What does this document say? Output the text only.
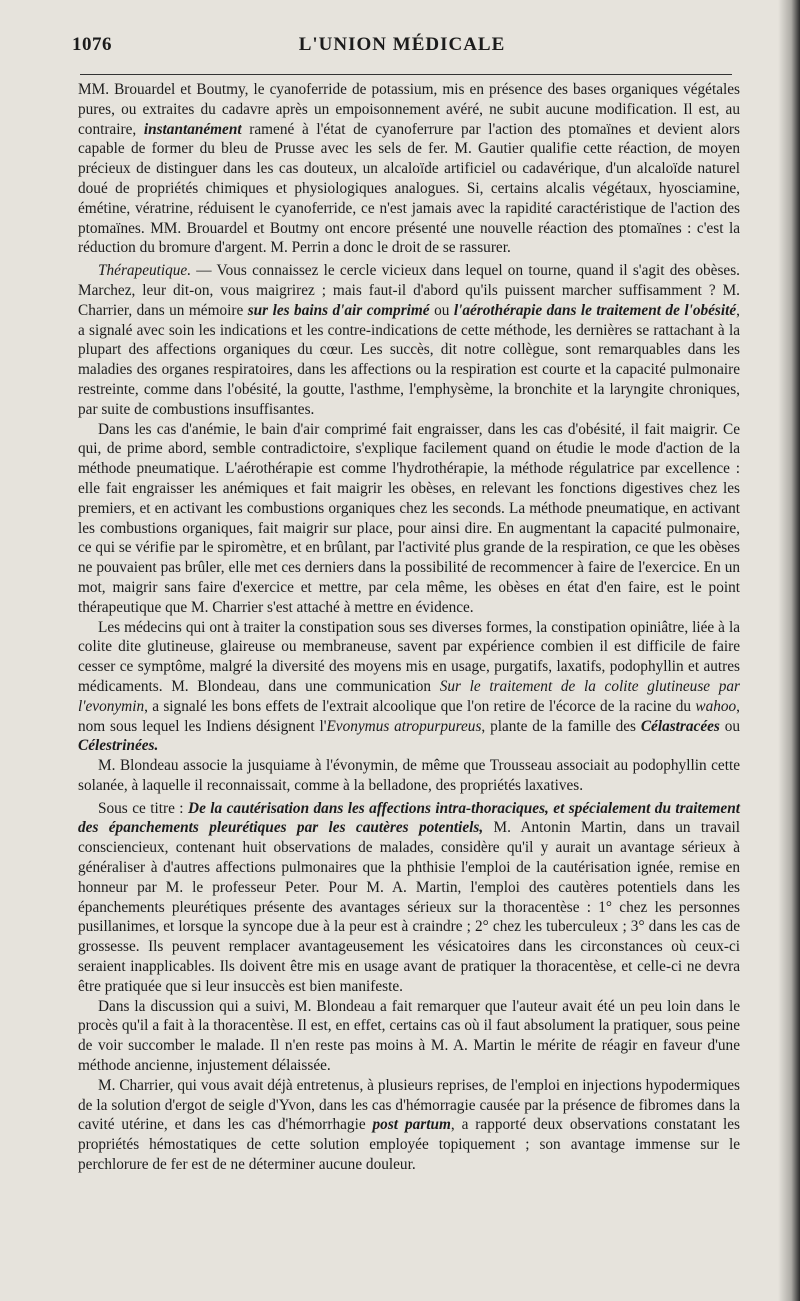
1076	L'UNION MÉDICALE

MM. Brouardel et Boutmy, le cyanoferride de potassium, mis en présence des bases organiques végétales pures, ou extraites du cadavre après un empoisonnement avéré, ne subit aucune modification. Il est, au contraire, instantanément ramené à l'état de cyanoferrure par l'action des ptomaïnes et devient alors capable de former du bleu de Prusse avec les sels de fer. M. Gautier qualifie cette réaction, de moyen précieux de distinguer dans les cas douteux, un alcaloïde artificiel ou cadavérique, d'un alcaloïde naturel doué de propriétés chimiques et physiologiques analogues. Si, certains alcalis végétaux, hyosciamine, émétine, vératrine, réduisent le cyanoferride, ce n'est jamais avec la rapidité caractéristique de l'action des ptomaïnes. MM. Brouardel et Boutmy ont encore présenté une nouvelle réaction des ptomaïnes : c'est la réduction du bromure d'argent. M. Perrin a donc le droit de se rassurer.

Thérapeutique. — Vous connaissez le cercle vicieux dans lequel on tourne, quand il s'agit des obèses. Marchez, leur dit-on, vous maigrirez ; mais faut-il d'abord qu'ils puissent marcher suffisamment ? M. Charrier, dans un mémoire sur les bains d'air comprimé ou l'aérothérapie dans le traitement de l'obésité, a signalé avec soin les indications et les contre-indications de cette méthode, les dernières se rattachant à la plupart des affections organiques du cœur. Les succès, dit notre collègue, sont remarquables dans les maladies des organes respiratoires, dans les affections ou la respiration est courte et la capacité pulmonaire restreinte, comme dans l'obésité, la goutte, l'asthme, l'emphysème, la bronchite et la laryngite chroniques, par suite de combustions insuffisantes.

Dans les cas d'anémie, le bain d'air comprimé fait engraisser, dans les cas d'obésité, il fait maigrir. Ce qui, de prime abord, semble contradictoire, s'explique facilement quand on étudie le mode d'action de la méthode pneumatique. L'aérothérapie est comme l'hydrothérapie, la méthode régulatrice par excellence : elle fait engraisser les anémiques et fait maigrir les obèses, en relevant les fonctions digestives chez les premiers, et en activant les combustions organiques chez les seconds. La méthode pneumatique, en activant les combustions organiques, fait maigrir sur place, pour ainsi dire. En augmentant la capacité pulmonaire, ce qui se vérifie par le spiromètre, et en brûlant, par l'activité plus grande de la respiration, ce que les obèses ne pouvaient pas brûler, elle met ces derniers dans la possibilité de recommencer à faire de l'exercice. En un mot, maigrir sans faire d'exercice et mettre, par cela même, les obèses en état d'en faire, est le point thérapeutique que M. Charrier s'est attaché à mettre en évidence.

Les médecins qui ont à traiter la constipation sous ses diverses formes, la constipation opiniâtre, liée à la colite dite glutineuse, glaireuse ou membraneuse, savent par expérience combien il est difficile de faire cesser ce symptôme, malgré la diversité des moyens mis en usage, purgatifs, laxatifs, podophyllin et autres médicaments. M. Blondeau, dans une communication Sur le traitement de la colite glutineuse par l'evonymin, a signalé les bons effets de l'extrait alcoolique que l'on retire de l'écorce de la racine du wahoo, nom sous lequel les Indiens désignent l'Evonymus atropurpureus, plante de la famille des Célastracées ou Célestrinées.

M. Blondeau associe la jusquiame à l'évonymin, de même que Trousseau associait au podophyllin cette solanée, à laquelle il reconnaissait, comme à la belladone, des propriétés laxatives.

Sous ce titre : De la cautérisation dans les affections intra-thoraciques, et spécialement du traitement des épanchements pleurétiques par les cautères potentiels, M. Antonin Martin, dans un travail consciencieux, contenant huit observations de malades, considère qu'il y aurait un avantage sérieux à généraliser à d'autres affections pulmonaires que la phthisie l'emploi de la cautérisation ignée, remise en honneur par M. le professeur Peter. Pour M. A. Martin, l'emploi des cautères potentiels dans les épanchements pleurétiques présente des avantages sérieux sur la thoracentèse : 1° chez les personnes pusillanimes, et lorsque la syncope due à la peur est à craindre ; 2° chez les tuberculeux ; 3° dans les cas de grossesse. Ils peuvent remplacer avantageusement les vésicatoires dans les circonstances où ceux-ci seraient inapplicables. Ils doivent être mis en usage avant de pratiquer la thoracentèse, et celle-ci ne devra être pratiquée que si leur insuccès est bien manifeste.

Dans la discussion qui a suivi, M. Blondeau a fait remarquer que l'auteur avait été un peu loin dans le procès qu'il a fait à la thoracentèse. Il est, en effet, certains cas où il faut absolument la pratiquer, sous peine de voir succomber le malade. Il n'en reste pas moins à M. A. Martin le mérite de réagir en faveur d'une méthode ancienne, injustement délaissée.

M. Charrier, qui vous avait déjà entretenus, à plusieurs reprises, de l'emploi en injections hypodermiques de la solution d'ergot de seigle d'Yvon, dans les cas d'hémorragie causée par la présence de fibromes dans la cavité utérine, et dans les cas d'hémorrhagie post partum, a rapporté deux observations constatant les propriétés hémostatiques de cette solution employée topiquement ; son avantage immense sur le perchlorure de fer est de ne déterminer aucune douleur.
